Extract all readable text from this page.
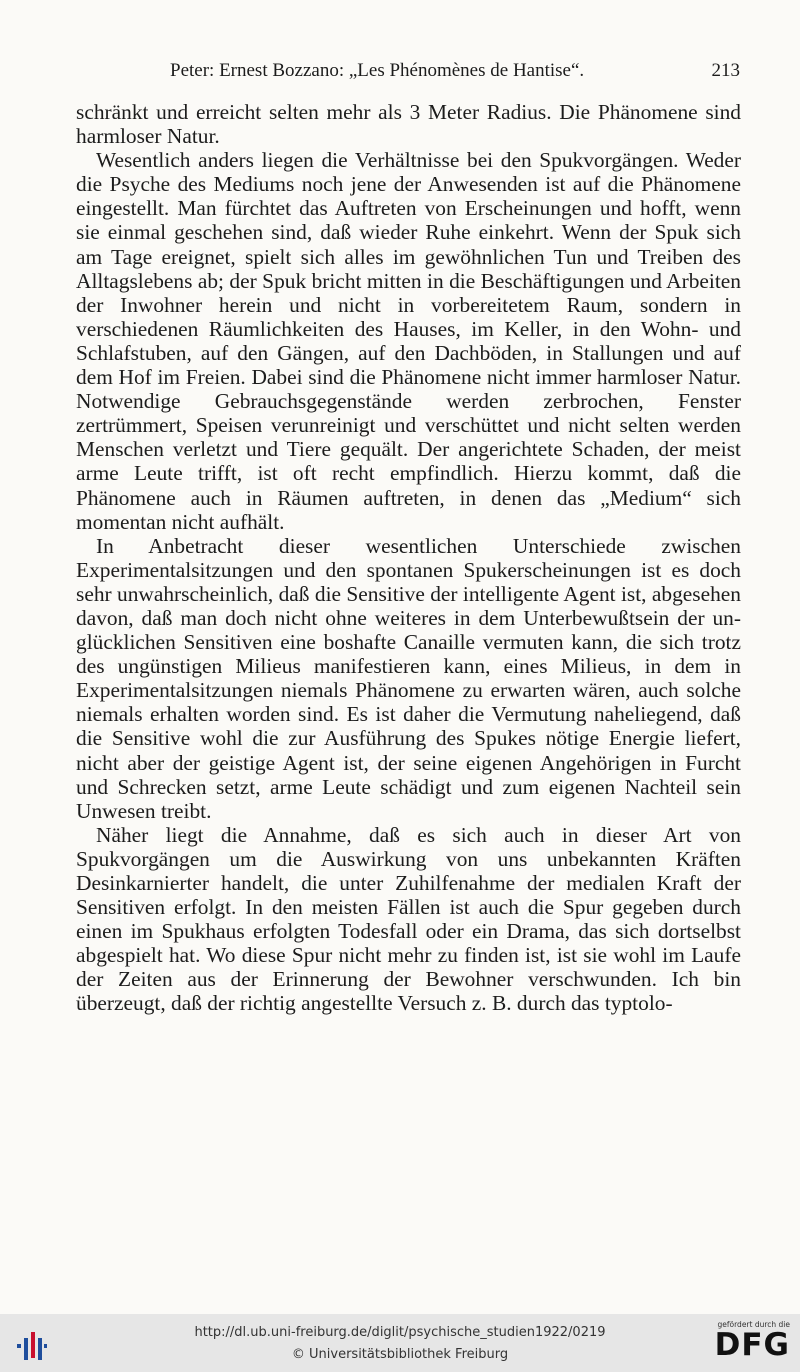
Peter: Ernest Bozzano: „Les Phénomènes de Hantise“.	213

schränkt und erreicht selten mehr als 3 Meter Radius. Die Phänomene sind harmloser Natur.

Wesentlich anders liegen die Verhältnisse bei den Spukvorgängen. Weder die Psyche des Mediums noch jene der Anwesenden ist auf die Phänomene eingestellt. Man fürchtet das Auftreten von Erscheinungen und hofft, wenn sie einmal geschehen sind, daß wieder Ruhe einkehrt. Wenn der Spuk sich am Tage ereignet, spielt sich alles im gewöhnlichen Tun und Treiben des Alltagslebens ab; der Spuk bricht mitten in die Beschäftigungen und Arbeiten der Inwohner herein und nicht in vorbereitetem Raum, sondern in verschiedenen Räumlichkeiten des Hauses, im Keller, in den Wohn- und Schlafstuben, auf den Gängen, auf den Dachböden, in Stallungen und auf dem Hof im Freien. Dabei sind die Phänomene nicht immer harmloser Natur. Notwendige Gebrauchsgegenstände werden zerbrochen, Fenster zertrümmert, Speisen verunreinigt und verschüttet und nicht selten werden Menschen verletzt und Tiere gequält. Der angerichtete Schaden, der meist arme Leute trifft, ist oft recht empfindlich. Hierzu kommt, daß die Phänomene auch in Räumen auftreten, in denen das „Medium“ sich momentan nicht aufhält.

In Anbetracht dieser wesentlichen Unterschiede zwischen Experimentalsitzungen und den spontanen Spukerscheinungen ist es doch sehr unwahrscheinlich, daß die Sensitive der intelligente Agent ist, abgesehen davon, daß man doch nicht ohne weiteres in dem Unterbewußtsein der unglücklichen Sensitiven eine boshafte Canaille vermuten kann, die sich trotz des ungünstigen Milieus manifestieren kann, eines Milieus, in dem in Experimentalsitzungen niemals Phänomene zu erwarten wären, auch solche niemals erhalten worden sind. Es ist daher die Vermutung naheliegend, daß die Sensitive wohl die zur Ausführung des Spukes nötige Energie liefert, nicht aber der geistige Agent ist, der seine eigenen Angehörigen in Furcht und Schrecken setzt, arme Leute schädigt und zum eigenen Nachteil sein Unwesen treibt.

Näher liegt die Annahme, daß es sich auch in dieser Art von Spukvorgängen um die Auswirkung von uns unbekannten Kräften Desinkarnierter handelt, die unter Zuhilfenahme der medialen Kraft der Sensitiven erfolgt. In den meisten Fällen ist auch die Spur gegeben durch einen im Spukhaus erfolgten Todesfall oder ein Drama, das sich dortselbst abgespielt hat. Wo diese Spur nicht mehr zu finden ist, ist sie wohl im Laufe der Zeiten aus der Erinnerung der Bewohner verschwunden. Ich bin überzeugt, daß der richtig angestellte Versuch z. B. durch das typtolo-

http://dl.ub.uni-freiburg.de/diglit/psychische_studien1922/0219
© Universitätsbibliothek Freiburg
gefördert durch die
DFG
